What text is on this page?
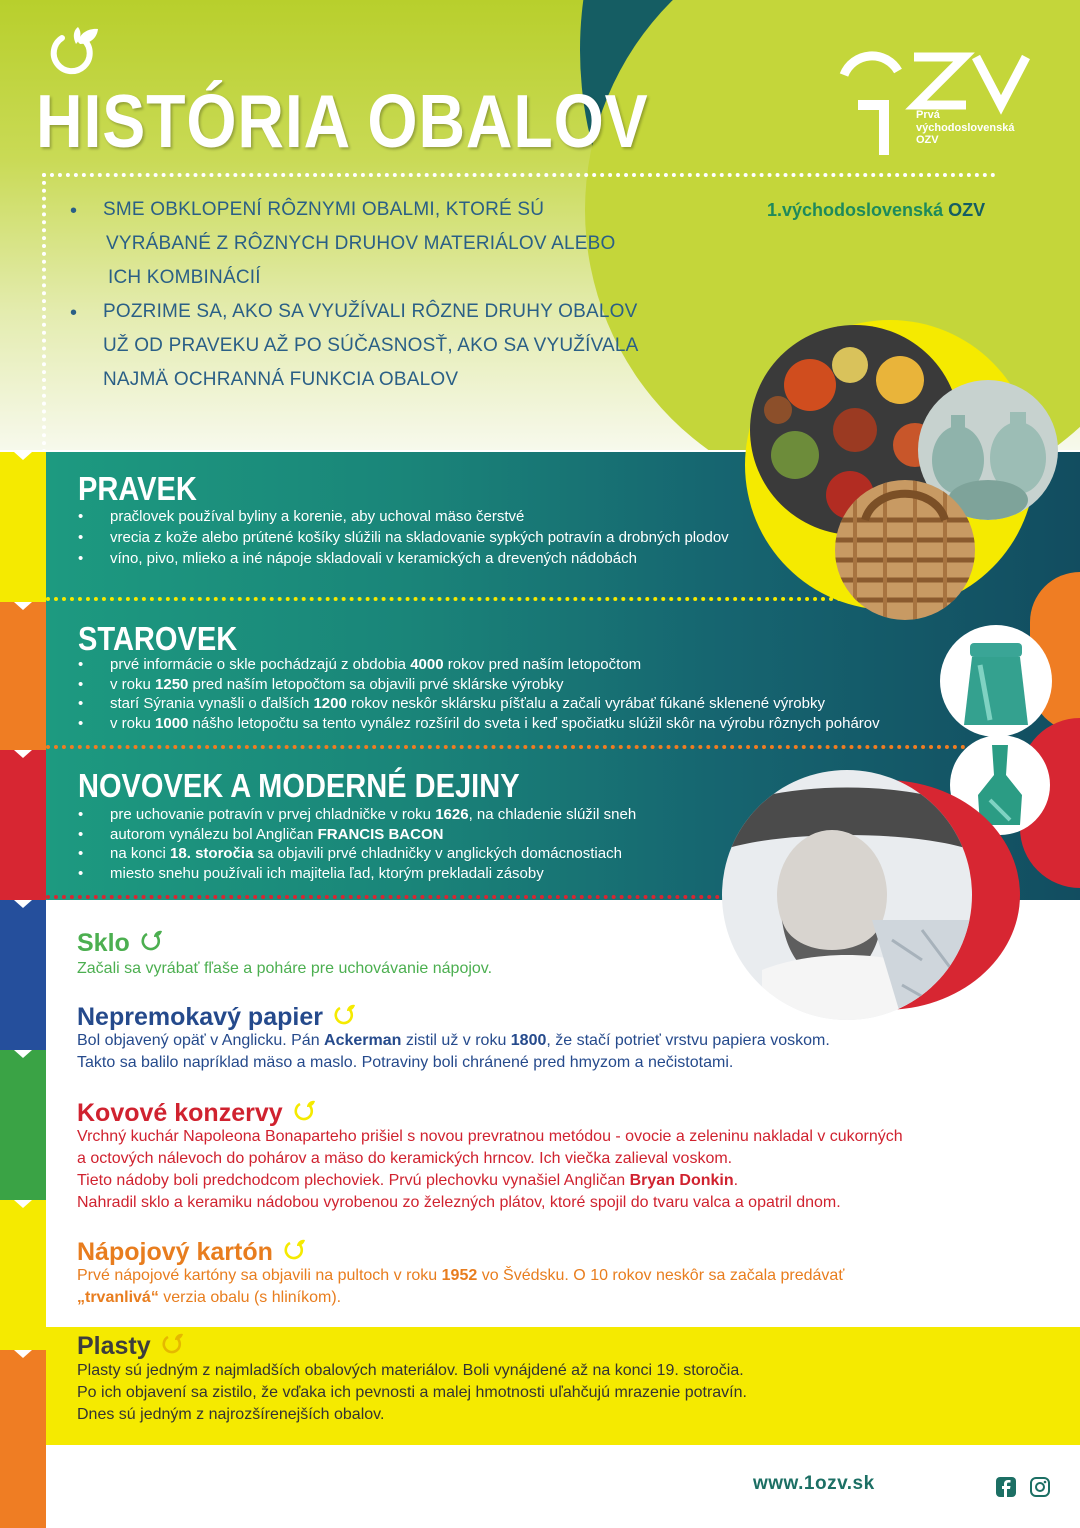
HISTÓRIA OBALOV	Prvá
východoslovenská
OZV
1.východoslovenská OZV
• SME OBKLOPENÍ RÔZNYMI OBALMI, KTORÉ SÚ
VYRÁBANÉ Z RÔZNYCH DRUHOV MATERIÁLOV ALEBO
ICH KOMBINÁCIÍ
• POZRIME SA, AKO SA VYUŽÍVALI RÔZNE DRUHY OBALOV
UŽ OD PRAVEKU AŽ PO SÚČASNOSŤ, AKO SA VYUŽÍVALA
NAJMÄ OCHRANNÁ FUNKCIA OBALOV
PRAVEK
• pračlovek používal byliny a korenie, aby uchoval mäso čerstvé
• vrecia z kože alebo prútené košíky slúžili na skladovanie sypkých potravín a drobných plodov
• víno, pivo, mlieko a iné nápoje skladovali v keramických a drevených nádobách
STAROVEK
• prvé informácie o skle pochádzajú z obdobia 4000 rokov pred naším letopočtom
• v roku 1250 pred naším letopočtom sa objavili prvé sklárske výrobky
• starí Sýrania vynašli o ďalších 1200 rokov neskôr sklársku píšťalu a začali vyrábať fúkané sklenené výrobky
• v roku 1000 nášho letopočtu sa tento vynález rozšíril do sveta i keď spočiatku slúžil skôr na výrobu rôznych pohárov
NOVOVEK A MODERNÉ DEJINY
• pre uchovanie potravín v prvej chladničke v roku 1626, na chladenie slúžil sneh
• autorom vynálezu bol Angličan FRANCIS BACON
• na konci 18. storočia sa objavili prvé chladničky v anglických domácnostiach
• miesto snehu používali ich majitelia ľad, ktorým prekladali zásoby
Sklo
Začali sa vyrábať fľaše a poháre pre uchovávanie nápojov.
Nepremokavý papier
Bol objavený opäť v Anglicku. Pán Ackerman zistil už v roku 1800, že stačí potrieť vrstvu papiera voskom.
Takto sa balilo napríklad mäso a maslo. Potraviny boli chránené pred hmyzom a nečistotami.
Kovové konzervy
Vrchný kuchár Napoleona Bonaparteho prišiel s novou prevratnou metódou - ovocie a zeleninu nakladal v cukorných
a octových nálevoch do pohárov a mäso do keramických hrncov. Ich viečka zalieval voskom.
Tieto nádoby boli predchodcom plechoviek. Prvú plechovku vynašiel Angličan Bryan Donkin.
Nahradil sklo a keramiku nádobou vyrobenou zo železných plátov, ktoré spojil do tvaru valca a opatril dnom.
Nápojový kartón
Prvé nápojové kartóny sa objavili na pultoch v roku 1952 vo Švédsku. O 10 rokov neskôr sa začala predávať
„trvanlivá“ verzia obalu (s hliníkom).
Plasty
Plasty sú jedným z najmladších obalových materiálov. Boli vynájdené až na konci 19. storočia.
Po ich objavení sa zistilo, že vďaka ich pevnosti a malej hmotnosti uľahčujú mrazenie potravín.
Dnes sú jedným z najrozšírenejších obalov.
www.1ozv.sk
